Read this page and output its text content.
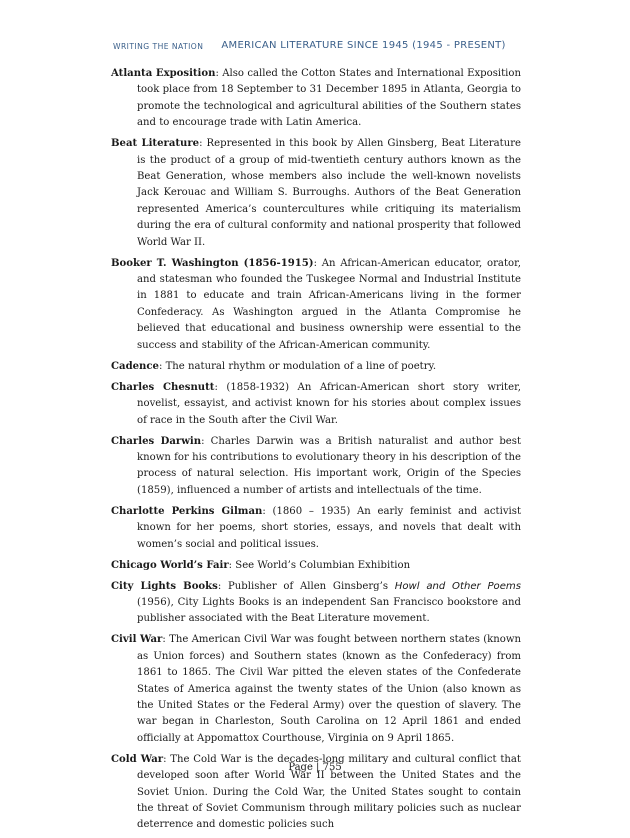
WRITING THE NATION AMERICAN LITERATURE SINCE 1945 (1945 - PRESENT)

Atlanta Exposition: Also called the Cotton States and International Exposition took place from 18 September to 31 December 1895 in Atlanta, Georgia to promote the technological and agricultural abilities of the Southern states and to encourage trade with Latin America.

Beat Literature: Represented in this book by Allen Ginsberg, Beat Literature is the product of a group of mid-twentieth century authors known as the Beat Generation, whose members also include the well-known novelists Jack Kerouac and William S. Burroughs. Authors of the Beat Generation represented America’s countercultures while critiquing its materialism during the era of cultural conformity and national prosperity that followed World War II.

Booker T. Washington (1856-1915): An African-American educator, orator, and statesman who founded the Tuskegee Normal and Industrial Institute in 1881 to educate and train African-Americans living in the former Confederacy. As Washington argued in the Atlanta Compromise he believed that educational and business ownership were essential to the success and stability of the African-American community.

Cadence: The natural rhythm or modulation of a line of poetry.

Charles Chesnutt: (1858-1932) An African-American short story writer, novelist, essayist, and activist known for his stories about complex issues of race in the South after the Civil War.

Charles Darwin: Charles Darwin was a British naturalist and author best known for his contributions to evolutionary theory in his description of the process of natural selection. His important work, Origin of the Species (1859), influenced a number of artists and intellectuals of the time.

Charlotte Perkins Gilman: (1860 – 1935) An early feminist and activist known for her poems, short stories, essays, and novels that dealt with women’s social and political issues.

Chicago World’s Fair: See World’s Columbian Exhibition

City Lights Books: Publisher of Allen Ginsberg’s Howl and Other Poems (1956), City Lights Books is an independent San Francisco bookstore and publisher associated with the Beat Literature movement.

Civil War: The American Civil War was fought between northern states (known as Union forces) and Southern states (known as the Confederacy) from 1861 to 1865. The Civil War pitted the eleven states of the Confederate States of America against the twenty states of the Union (also known as the United States or the Federal Army) over the question of slavery. The war began in Charleston, South Carolina on 12 April 1861 and ended officially at Appomattox Courthouse, Virginia on 9 April 1865.

Cold War: The Cold War is the decades-long military and cultural conflict that developed soon after World War II between the United States and the Soviet Union. During the Cold War, the United States sought to contain the threat of Soviet Communism through military policies such as nuclear deterrence and domestic policies such

Page | 755
